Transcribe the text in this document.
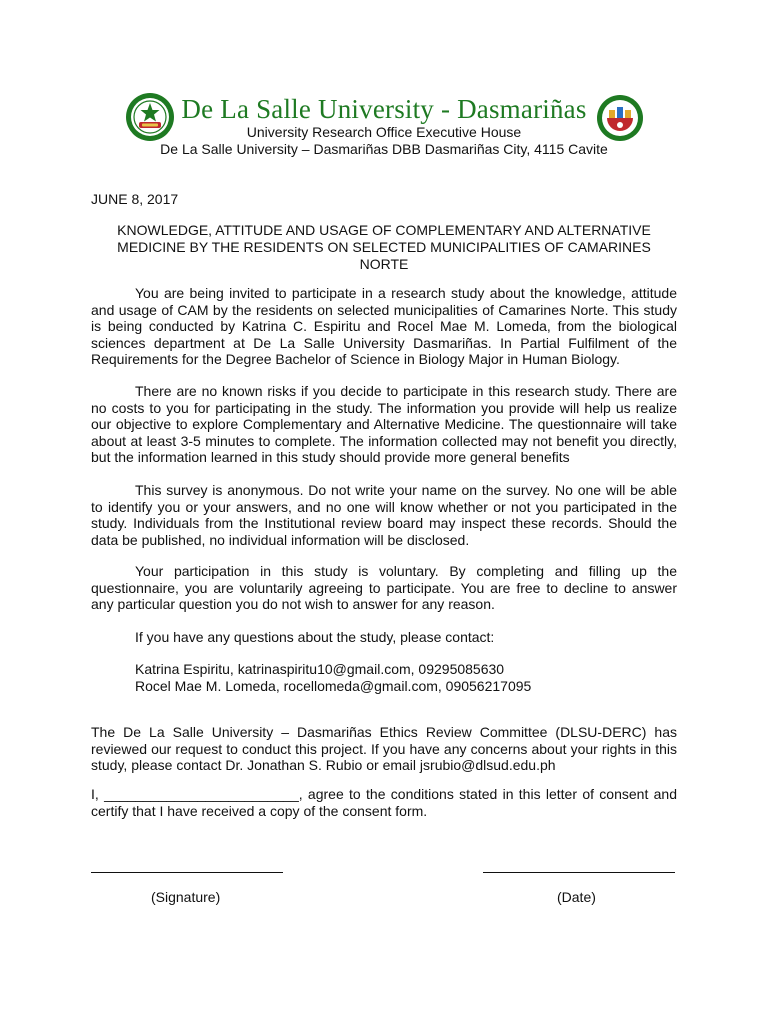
De La Salle University - Dasmariñas
University Research Office Executive House
De La Salle University – Dasmariñas DBB Dasmariñas City, 4115 Cavite
JUNE 8, 2017
KNOWLEDGE, ATTITUDE AND USAGE OF COMPLEMENTARY AND ALTERNATIVE
MEDICINE BY THE RESIDENTS ON SELECTED MUNICIPALITIES OF CAMARINES NORTE

You are being invited to participate in a research study about the knowledge, attitude and usage of CAM by the residents on selected municipalities of Camarines Norte. This study is being conducted by Katrina C. Espiritu and Rocel Mae M. Lomeda, from the biological sciences department at De La Salle University Dasmariñas. In Partial Fulfilment of the Requirements for the Degree Bachelor of Science in Biology Major in Human Biology.

There are no known risks if you decide to participate in this research study. There are no costs to you for participating in the study. The information you provide will help us realize our objective to explore Complementary and Alternative Medicine. The questionnaire will take about at least 3-5 minutes to complete. The information collected may not benefit you directly, but the information learned in this study should provide more general benefits

This survey is anonymous. Do not write your name on the survey. No one will be able to identify you or your answers, and no one will know whether or not you participated in the study. Individuals from the Institutional review board may inspect these records. Should the data be published, no individual information will be disclosed.

Your participation in this study is voluntary. By completing and filling up the questionnaire, you are voluntarily agreeing to participate. You are free to decline to answer any particular question you do not wish to answer for any reason.

If you have any questions about the study, please contact:

Katrina Espiritu, katrinaspiritu10@gmail.com, 09295085630

Rocel Mae M. Lomeda, rocellomeda@gmail.com, 09056217095

The De La Salle University – Dasmariñas Ethics Review Committee (DLSU-DERC) has reviewed our request to conduct this project. If you have any concerns about your rights in this study, please contact Dr. Jonathan S. Rubio or email jsrubio@dlsud.edu.ph

I, _________________________, agree to the conditions stated in this letter of consent and certify that I have received a copy of the consent form.

(Signature)	(Date)
